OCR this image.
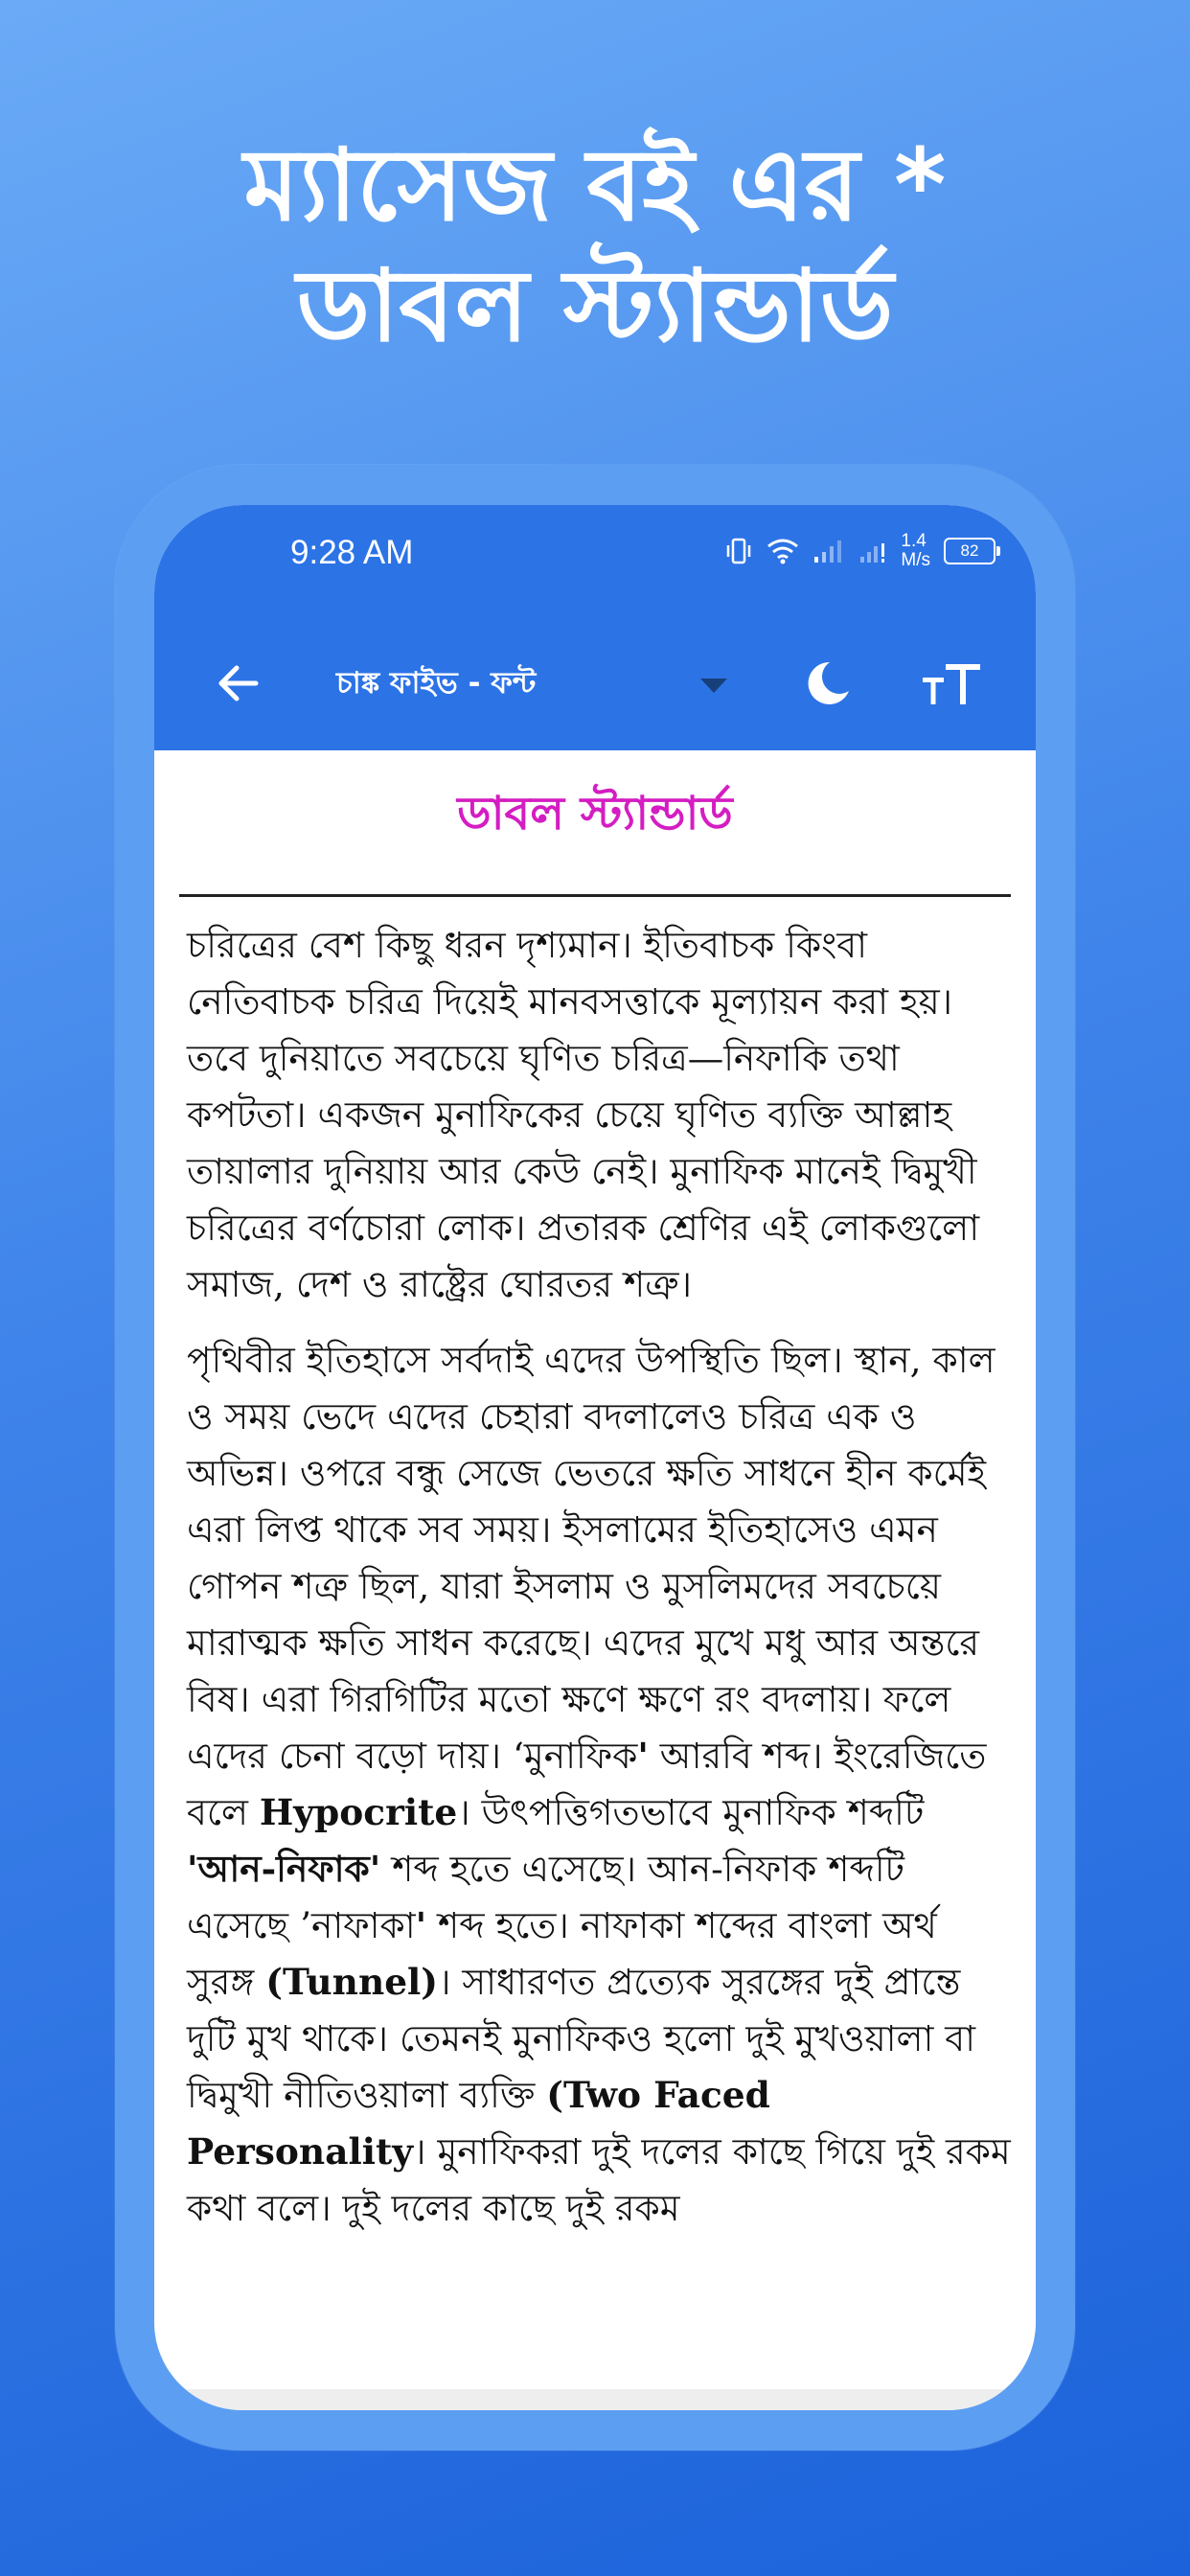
ম্যাসেজ বই এর *
ডাবল স্ট্যান্ডার্ড
9:28 AM	1.4
M/s	82
চাঙ্ক ফাইভ - ফন্ট
ডাবল স্ট্যান্ডার্ড

চরিত্রের বেশ কিছু ধরন দৃশ্যমান। ইতিবাচক কিংবা নেতিবাচক চরিত্র দিয়েই মানবসত্তাকে মূল্যায়ন করা হয়। তবে দুনিয়াতে সবচেয়ে ঘৃণিত চরিত্র—নিফাকি তথা কপটতা। একজন মুনাফিকের চেয়ে ঘৃণিত ব্যক্তি আল্লাহ তায়ালার দুনিয়ায় আর কেউ নেই। মুনাফিক মানেই দ্বিমুখী চরিত্রের বর্ণচোরা লোক। প্রতারক শ্রেণির এই লোকগুলো সমাজ, দেশ ও রাষ্ট্রের ঘোরতর শত্রু।

পৃথিবীর ইতিহাসে সর্বদাই এদের উপস্থিতি ছিল। স্থান, কাল ও সময় ভেদে এদের চেহারা বদলালেও চরিত্র এক ও অভিন্ন। ওপরে বন্ধু সেজে ভেতরে ক্ষতি সাধনে হীন কর্মেই এরা লিপ্ত থাকে সব সময়। ইসলামের ইতিহাসেও এমন গোপন শত্রু ছিল, যারা ইসলাম ও মুসলিমদের সবচেয়ে মারাত্মক ক্ষতি সাধন করেছে। এদের মুখে মধু আর অন্তরে বিষ। এরা গিরগিটির মতো ক্ষণে ক্ষণে রং বদলায়। ফলে এদের চেনা বড়ো দায়। ‘মুনাফিক' আরবি শব্দ। ইংরেজিতে বলে Hypocrite। উৎপত্তিগতভাবে মুনাফিক শব্দটি 'আন-নিফাক' শব্দ হতে এসেছে। আন-নিফাক শব্দটি এসেছে ’নাফাকা' শব্দ হতে। নাফাকা শব্দের বাংলা অর্থ সুরঙ্গ (Tunnel)। সাধারণত প্রত্যেক সুরঙ্গের দুই প্রান্তে দুটি মুখ থাকে। তেমনই মুনাফিকও হলো দুই মুখওয়ালা বা দ্বিমুখী নীতিওয়ালা ব্যক্তি (Two Faced Personality। মুনাফিকরা দুই দলের কাছে গিয়ে দুই রকম কথা বলে। দুই দলের কাছে দুই রকম
